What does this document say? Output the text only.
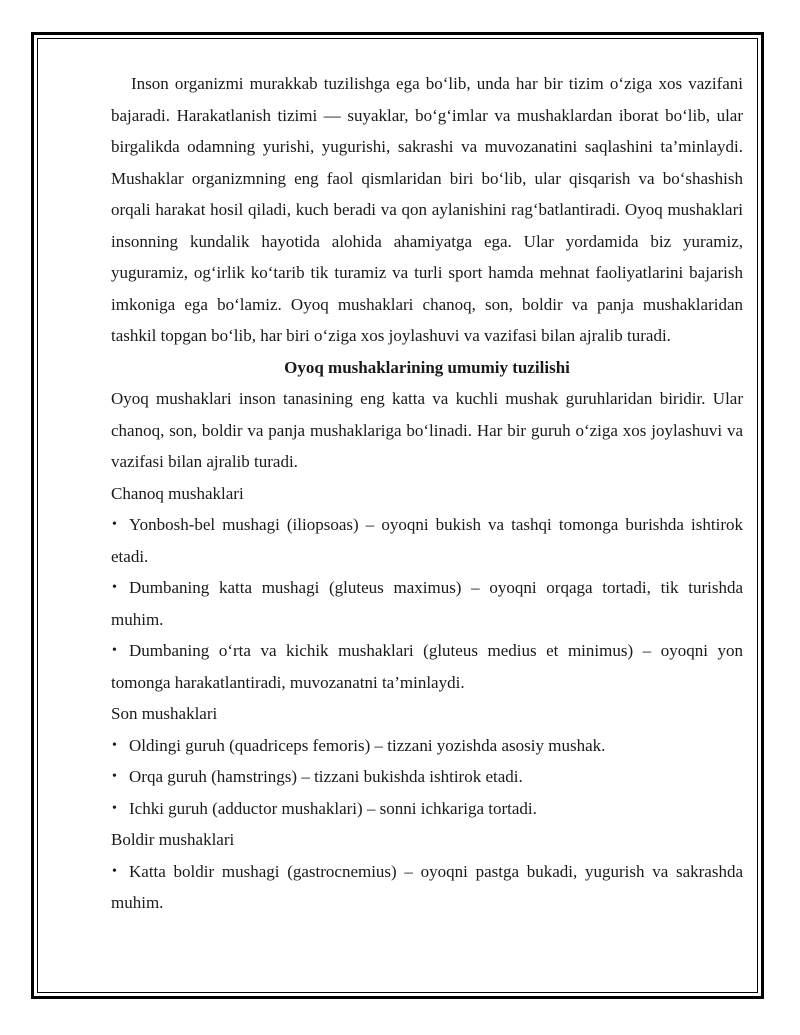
Inson organizmi murakkab tuzilishga ega bo‘lib, unda har bir tizim o‘ziga xos vazifani bajaradi. Harakatlanish tizimi — suyaklar, bo‘g‘imlar va mushaklardan iborat bo‘lib, ular birgalikda odamning yurishi, yugurishi, sakrashi va muvozanatini saqlashini ta’minlaydi. Mushaklar organizmning eng faol qismlaridan biri bo‘lib, ular qisqarish va bo‘shashish orqali harakat hosil qiladi, kuch beradi va qon aylanishini rag‘batlantiradi. Oyoq mushaklari insonning kundalik hayotida alohida ahamiyatga ega. Ular yordamida biz yuramiz, yuguramiz, og‘irlik ko‘tarib tik turamiz va turli sport hamda mehnat faoliyatlarini bajarish imkoniga ega bo‘lamiz. Oyoq mushaklari chanoq, son, boldir va panja mushaklaridan tashkil topgan bo‘lib, har biri o‘ziga xos joylashuvi va vazifasi bilan ajralib turadi.

Oyoq mushaklarining umumiy tuzilishi

Oyoq mushaklari inson tanasining eng katta va kuchli mushak guruhlaridan biridir. Ular chanoq, son, boldir va panja mushaklariga bo‘linadi. Har bir guruh o‘ziga xos joylashuvi va vazifasi bilan ajralib turadi.

Chanoq mushaklari

• Yonbosh-bel mushagi (iliopsoas) – oyoqni bukish va tashqi tomonga burishda ishtirok etadi.
• Dumbaning katta mushagi (gluteus maximus) – oyoqni orqaga tortadi, tik turishda muhim.
• Dumbaning o‘rta va kichik mushaklari (gluteus medius et minimus) – oyoqni yon tomonga harakatlantiradi, muvozanatni ta’minlaydi.

Son mushaklari

• Oldingi guruh (quadriceps femoris) – tizzani yozishda asosiy mushak.
• Orqa guruh (hamstrings) – tizzani bukishda ishtirok etadi.
• Ichki guruh (adductor mushaklari) – sonni ichkariga tortadi.

Boldir mushaklari

• Katta boldir mushagi (gastrocnemius) – oyoqni pastga bukadi, yugurish va sakrashda muhim.
